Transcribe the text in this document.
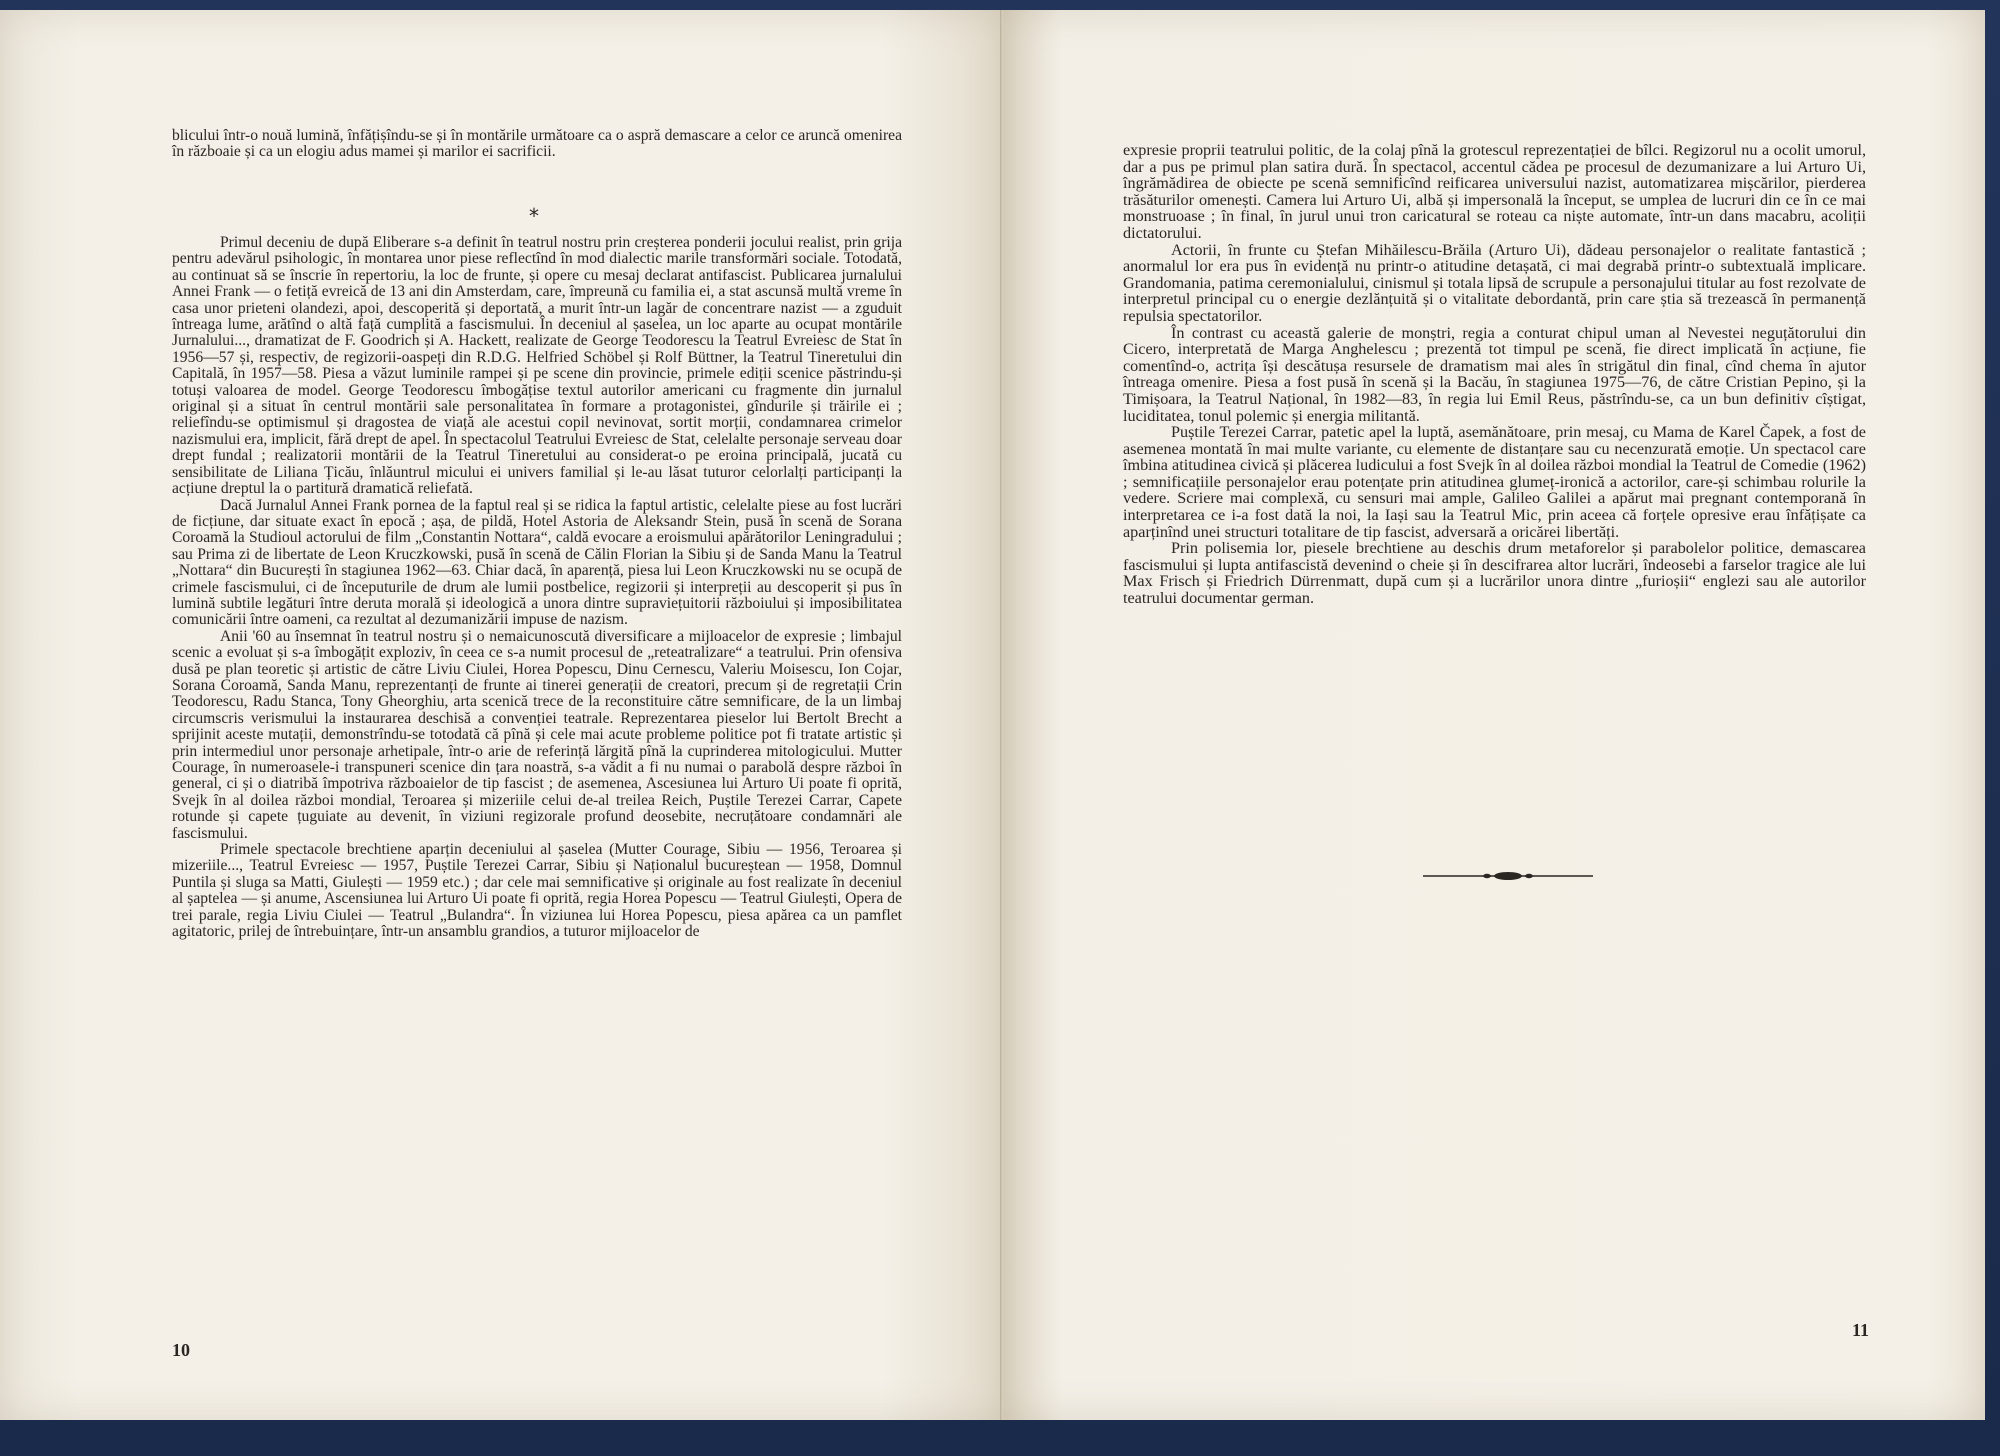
blicului într-o nouă lumină, înfățișîndu-se și în montările următoare ca o aspră demascare a celor ce aruncă omenirea în războaie și ca un elogiu adus mamei și marilor ei sacrificii.

*

Primul deceniu de după Eliberare s-a definit în teatrul nostru prin creșterea ponderii jocului realist, prin grija pentru adevărul psihologic, în montarea unor piese reflectînd în mod dialectic marile transformări sociale. Totodată, au continuat să se înscrie în repertoriu, la loc de frunte, și opere cu mesaj declarat antifascist. Publicarea jurnalului Annei Frank — o fetiță evreică de 13 ani din Amsterdam, care, împreună cu familia ei, a stat ascunsă multă vreme în casa unor prieteni olandezi, apoi, descoperită și deportată, a murit într-un lagăr de concentrare nazist — a zguduit întreaga lume, arătînd o altă față cumplită a fascismului. În deceniul al șaselea, un loc aparte au ocupat montările Jurnalului..., dramatizat de F. Goodrich și A. Hackett, realizate de George Teodorescu la Teatrul Evreiesc de Stat în 1956—57 și, respectiv, de regizorii-oaspeți din R.D.G. Helfried Schöbel și Rolf Büttner, la Teatrul Tineretului din Capitală, în 1957—58. Piesa a văzut luminile rampei și pe scene din provincie, primele ediții scenice păstrindu-și totuși valoarea de model. George Teodorescu îmbogățise textul autorilor americani cu fragmente din jurnalul original și a situat în centrul montării sale personalitatea în formare a protagonistei, gîndurile și trăirile ei ; reliefîndu-se optimismul și dragostea de viață ale acestui copil nevinovat, sortit morții, condamnarea crimelor nazismului era, implicit, fără drept de apel. În spectacolul Teatrului Evreiesc de Stat, celelalte personaje serveau doar drept fundal ; realizatorii montării de la Teatrul Tineretului au considerat-o pe eroina principală, jucată cu sensibilitate de Liliana Țicău, înlăuntrul micului ei univers familial și le-au lăsat tuturor celorlalți participanți la acțiune dreptul la o partitură dramatică reliefată.

Dacă Jurnalul Annei Frank pornea de la faptul real și se ridica la faptul artistic, celelalte piese au fost lucrări de ficțiune, dar situate exact în epocă ; așa, de pildă, Hotel Astoria de Aleksandr Stein, pusă în scenă de Sorana Coroamă la Studioul actorului de film „Constantin Nottara“, caldă evocare a eroismului apărătorilor Leningradului ; sau Prima zi de libertate de Leon Kruczkowski, pusă în scenă de Călin Florian la Sibiu și de Sanda Manu la Teatrul „Nottara“ din București în stagiunea 1962—63. Chiar dacă, în aparență, piesa lui Leon Kruczkowski nu se ocupă de crimele fascismului, ci de începuturile de drum ale lumii postbelice, regizorii și interpreții au descoperit și pus în lumină subtile legături între deruta morală și ideologică a unora dintre supraviețuitorii războiului și imposibilitatea comunicării între oameni, ca rezultat al dezumanizării impuse de nazism.

Anii '60 au însemnat în teatrul nostru și o nemaicunoscută diversificare a mijloacelor de expresie ; limbajul scenic a evoluat și s-a îmbogățit exploziv, în ceea ce s-a numit procesul de „reteatralizare“ a teatrului. Prin ofensiva dusă pe plan teoretic și artistic de către Liviu Ciulei, Horea Popescu, Dinu Cernescu, Valeriu Moisescu, Ion Cojar, Sorana Coroamă, Sanda Manu, reprezentanți de frunte ai tinerei generații de creatori, precum și de regretații Crin Teodorescu, Radu Stanca, Tony Gheorghiu, arta scenică trece de la reconstituire către semnificare, de la un limbaj circumscris verismului la instaurarea deschisă a convenției teatrale. Reprezentarea pieselor lui Bertolt Brecht a sprijinit aceste mutații, demonstrîndu-se totodată că pînă și cele mai acute probleme politice pot fi tratate artistic și prin intermediul unor personaje arhetipale, într-o arie de referință lărgită pînă la cuprinderea mitologicului. Mutter Courage, în numeroasele-i transpuneri scenice din țara noastră, s-a vădit a fi nu numai o parabolă despre război în general, ci și o diatribă împotriva războaielor de tip fascist ; de asemenea, Ascesiunea lui Arturo Ui poate fi oprită, Svejk în al doilea război mondial, Teroarea și mizeriile celui de-al treilea Reich, Puștile Terezei Carrar, Capete rotunde și capete țuguiate au devenit, în viziuni regizorale profund deosebite, necruțătoare condamnări ale fascismului.

Primele spectacole brechtiene aparțin deceniului al șaselea (Mutter Courage, Sibiu — 1956, Teroarea și mizeriile..., Teatrul Evreiesc — 1957, Puștile Terezei Carrar, Sibiu și Naționalul bucureștean — 1958, Domnul Puntila și sluga sa Matti, Giulești — 1959 etc.) ; dar cele mai semnificative și originale au fost realizate în deceniul al șaptelea — și anume, Ascensiunea lui Arturo Ui poate fi oprită, regia Horea Popescu — Teatrul Giulești, Opera de trei parale, regia Liviu Ciulei — Teatrul „Bulandra“. În viziunea lui Horea Popescu, piesa apărea ca un pamflet agitatoric, prilej de întrebuințare, într-un ansamblu grandios, a tuturor mijloacelor de

10

expresie proprii teatrului politic, de la colaj pînă la grotescul reprezentației de bîlci. Regizorul nu a ocolit umorul, dar a pus pe primul plan satira dură. În spectacol, accentul cădea pe procesul de dezumanizare a lui Arturo Ui, îngrămădirea de obiecte pe scenă semnificînd reificarea universului nazist, automatizarea mișcărilor, pierderea trăsăturilor omenești. Camera lui Arturo Ui, albă și impersonală la început, se umplea de lucruri din ce în ce mai monstruoase ; în final, în jurul unui tron caricatural se roteau ca niște automate, într-un dans macabru, acoliții dictatorului.

Actorii, în frunte cu Ștefan Mihăilescu-Brăila (Arturo Ui), dădeau personajelor o realitate fantastică ; anormalul lor era pus în evidență nu printr-o atitudine detașată, ci mai degrabă printr-o subtextuală implicare. Grandomania, patima ceremonialului, cinismul și totala lipsă de scrupule a personajului titular au fost rezolvate de interpretul principal cu o energie dezlănțuită și o vitalitate debordantă, prin care știa să trezească în permanență repulsia spectatorilor.

În contrast cu această galerie de monștri, regia a conturat chipul uman al Nevestei neguțătorului din Cicero, interpretată de Marga Anghelescu ; prezentă tot timpul pe scenă, fie direct implicată în acțiune, fie comentînd-o, actrița își descătușa resursele de dramatism mai ales în strigătul din final, cînd chema în ajutor întreaga omenire. Piesa a fost pusă în scenă și la Bacău, în stagiunea 1975—76, de către Cristian Pepino, și la Timișoara, la Teatrul Național, în 1982—83, în regia lui Emil Reus, păstrîndu-se, ca un bun definitiv cîștigat, luciditatea, tonul polemic și energia militantă.

Puștile Terezei Carrar, patetic apel la luptă, asemănătoare, prin mesaj, cu Mama de Karel Čapek, a fost de asemenea montată în mai multe variante, cu elemente de distanțare sau cu necenzurată emoție. Un spectacol care îmbina atitudinea civică și plăcerea ludicului a fost Svejk în al doilea război mondial la Teatrul de Comedie (1962) ; semnificațiile personajelor erau potențate prin atitudinea glumeț-ironică a actorilor, care-și schimbau rolurile la vedere. Scriere mai complexă, cu sensuri mai ample, Galileo Galilei a apărut mai pregnant contemporană în interpretarea ce i-a fost dată la noi, la Iași sau la Teatrul Mic, prin aceea că forțele opresive erau înfățișate ca aparținînd unei structuri totalitare de tip fascist, adversară a oricărei libertăți.

Prin polisemia lor, piesele brechtiene au deschis drum metaforelor și parabolelor politice, demascarea fascismului și lupta antifascistă devenind o cheie și în descifrarea altor lucrări, îndeosebi a farselor tragice ale lui Max Frisch și Friedrich Dürrenmatt, după cum și a lucrărilor unora dintre „furioșii“ englezi sau ale autorilor teatrului documentar german.

11
